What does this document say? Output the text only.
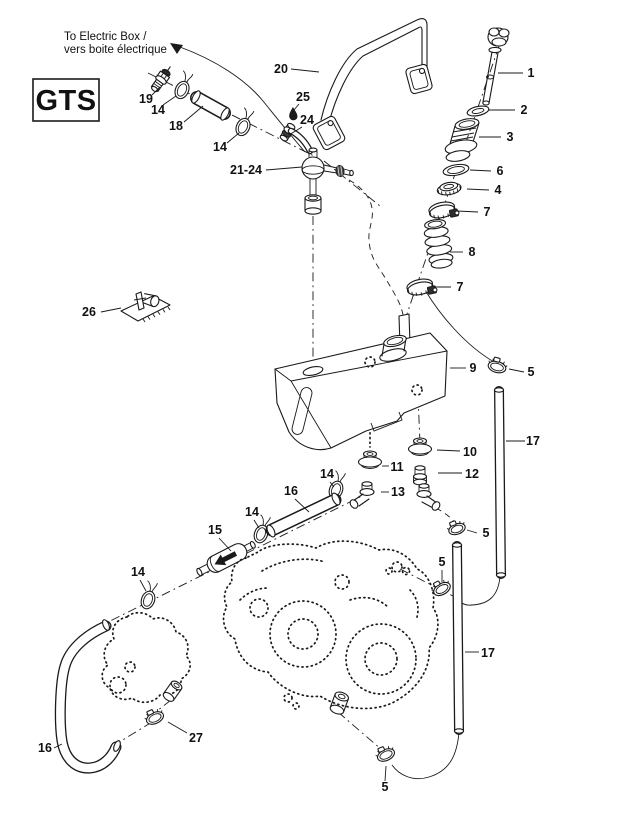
1
2
3
6
4
7
8
7
20
25
24
21-24
19
14
18
14
26
9	5
17
10
11	12
13
5
16
14
14
15
14
5
17
16
27
5
To Electric Box /
vers boite électrique
GTS
